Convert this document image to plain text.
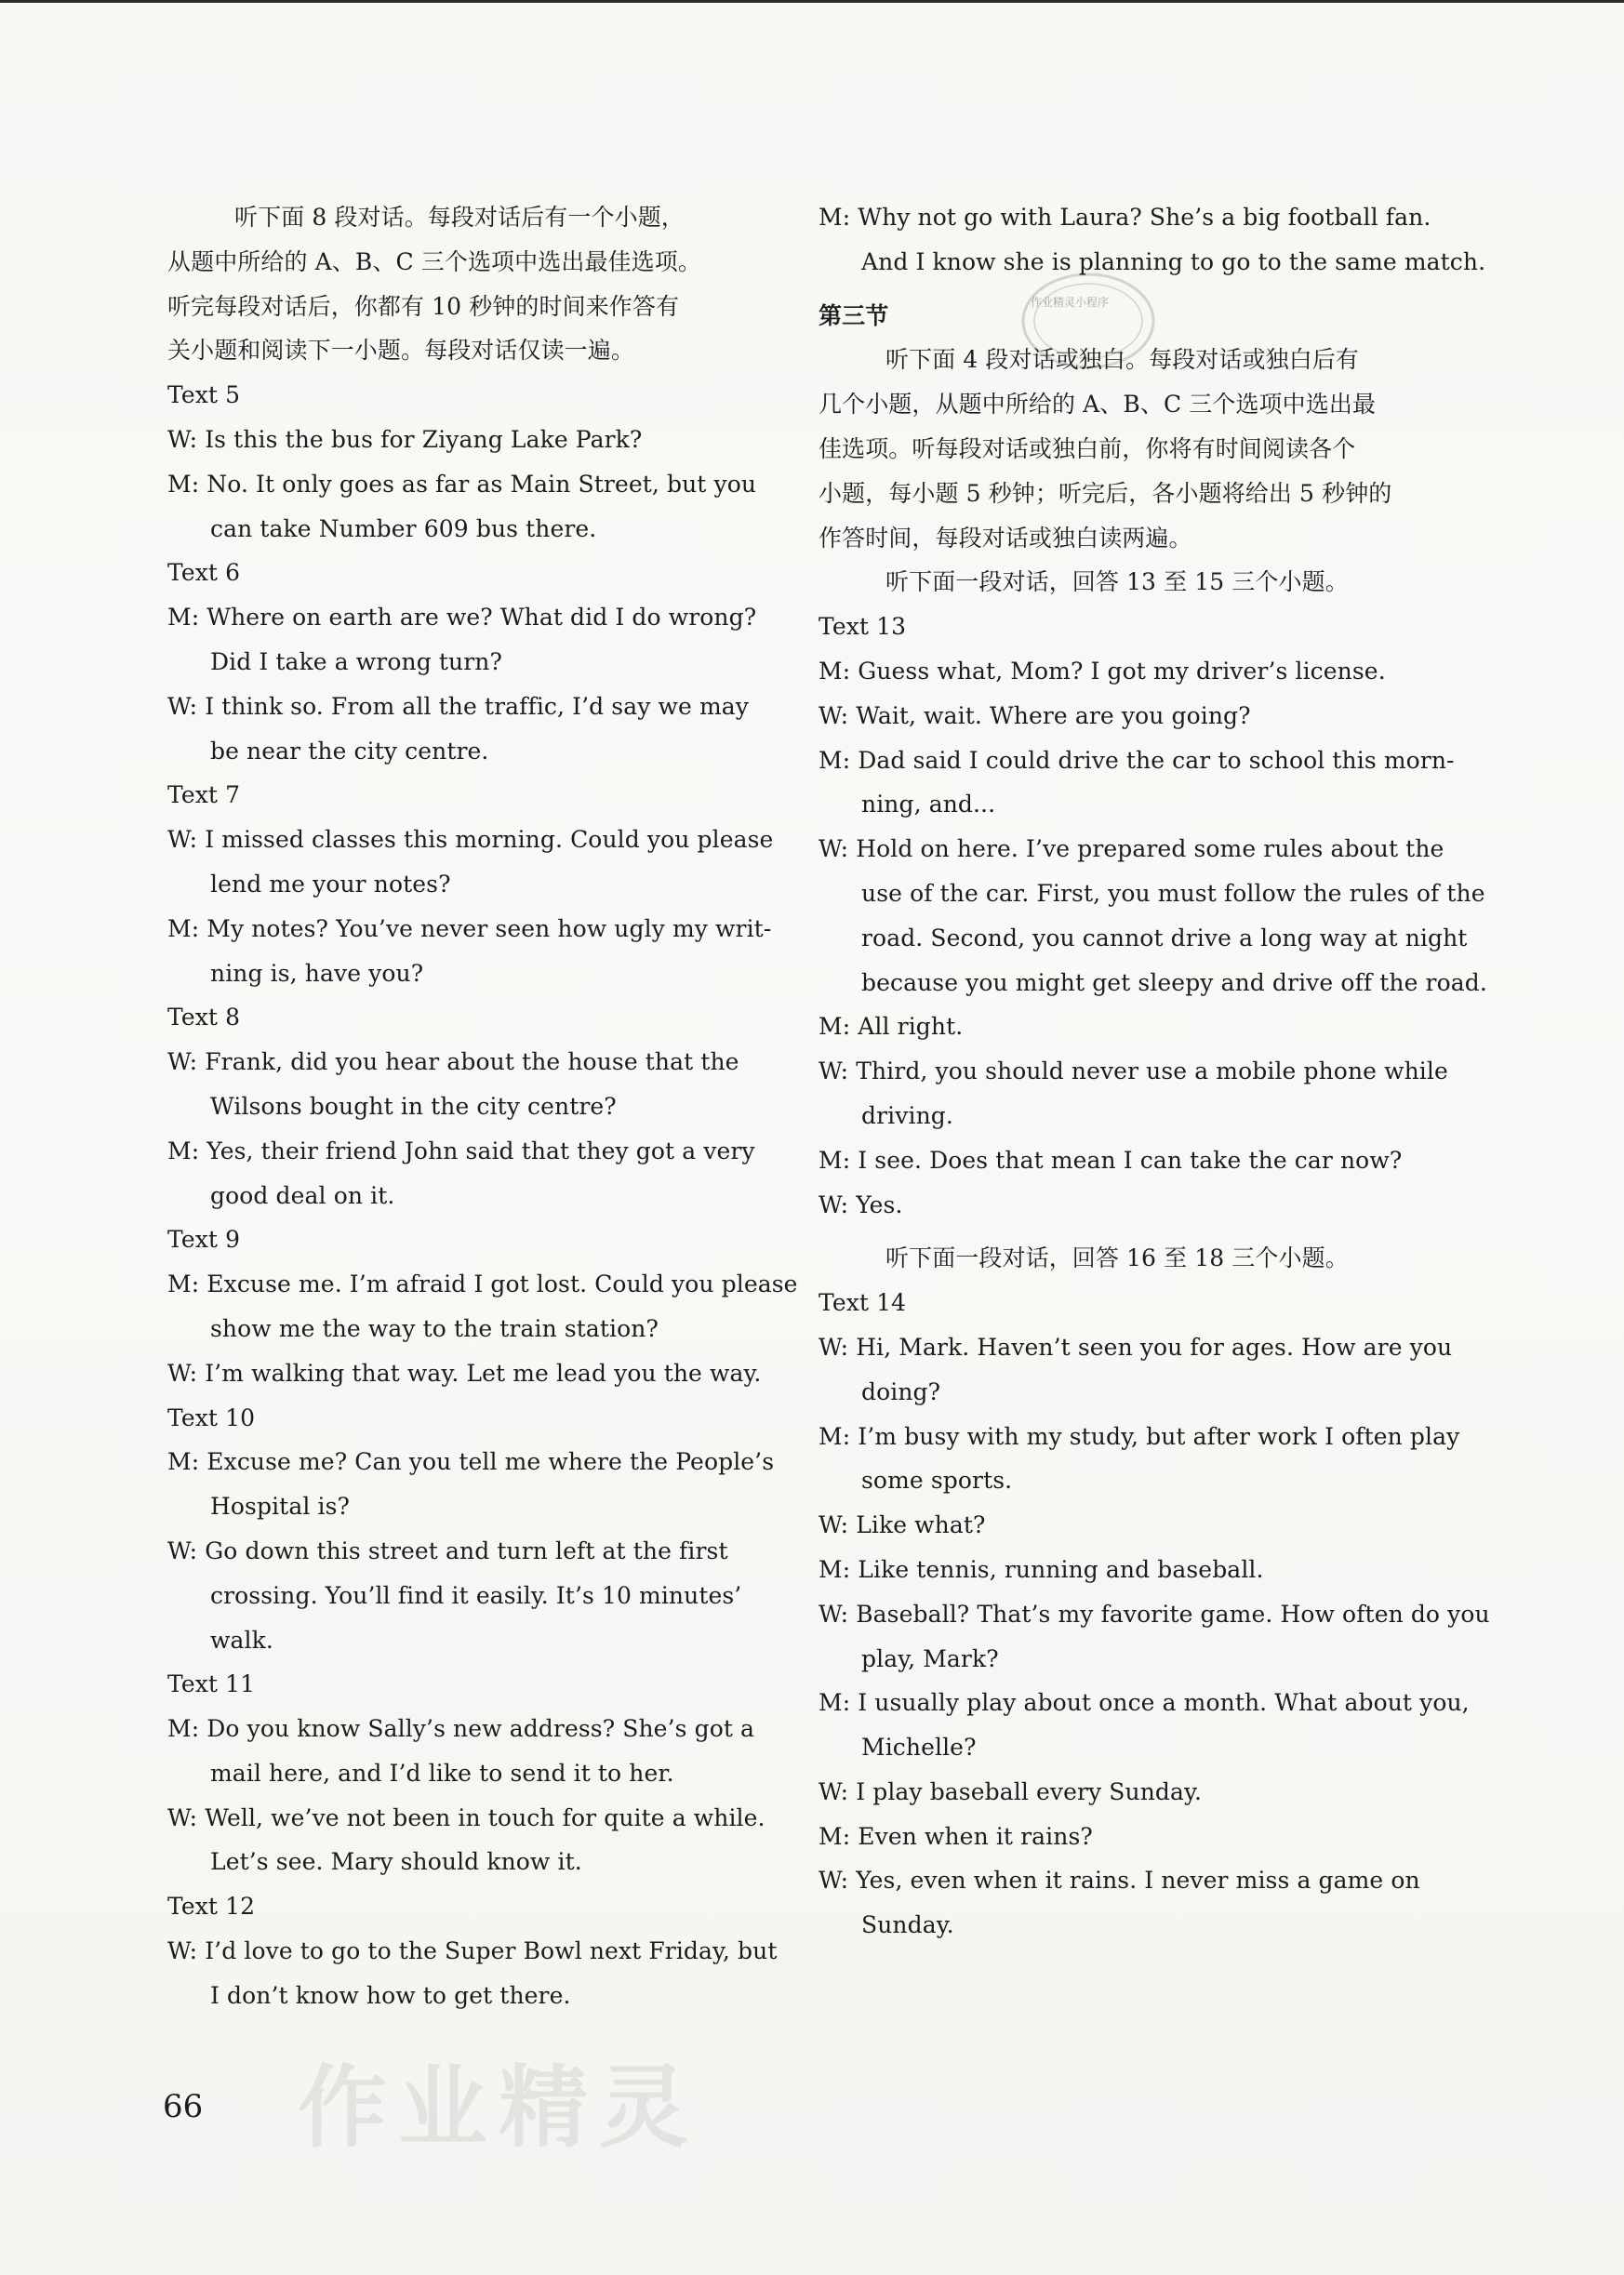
作业精灵小程序
听下面 8 段对话。每段对话后有一个小题，
从题中所给的 A、B、C 三个选项中选出最佳选项。
听完每段对话后，你都有 10 秒钟的时间来作答有
关小题和阅读下一小题。每段对话仅读一遍。
Text 5
W: Is this the bus for Ziyang Lake Park?
M: No. It only goes as far as Main Street, but you
can take Number 609 bus there.
Text 6
M: Where on earth are we? What did I do wrong?
Did I take a wrong turn?
W: I think so. From all the traffic, I’d say we may
be near the city centre.
Text 7
W: I missed classes this morning. Could you please
lend me your notes?
M: My notes? You’ve never seen how ugly my writ-
ning is, have you?
Text 8
W: Frank, did you hear about the house that the
Wilsons bought in the city centre?
M: Yes, their friend John said that they got a very
good deal on it.
Text 9
M: Excuse me. I’m afraid I got lost. Could you please
show me the way to the train station?
W: I’m walking that way. Let me lead you the way.
Text 10
M: Excuse me? Can you tell me where the People’s
Hospital is?
W: Go down this street and turn left at the first
crossing. You’ll find it easily. It’s 10 minutes’
walk.
Text 11
M: Do you know Sally’s new address? She’s got a
mail here, and I’d like to send it to her.
W: Well, we’ve not been in touch for quite a while.
Let’s see. Mary should know it.
Text 12
W: I’d love to go to the Super Bowl next Friday, but
I don’t know how to get there.
M: Why not go with Laura? She’s a big football fan.
And I know she is planning to go to the same match.
第三节
听下面 4 段对话或独白。每段对话或独白后有
几个小题，从题中所给的 A、B、C 三个选项中选出最
佳选项。听每段对话或独白前，你将有时间阅读各个
小题，每小题 5 秒钟；听完后，各小题将给出 5 秒钟的
作答时间，每段对话或独白读两遍。
听下面一段对话，回答 13 至 15 三个小题。
Text 13
M: Guess what, Mom? I got my driver’s license.
W: Wait, wait. Where are you going?
M: Dad said I could drive the car to school this morn-
ning, and...
W: Hold on here. I’ve prepared some rules about the
use of the car. First, you must follow the rules of the
road. Second, you cannot drive a long way at night
because you might get sleepy and drive off the road.
M: All right.
W: Third, you should never use a mobile phone while
driving.
M: I see. Does that mean I can take the car now?
W: Yes.
听下面一段对话，回答 16 至 18 三个小题。
Text 14
W: Hi, Mark. Haven’t seen you for ages. How are you
doing?
M: I’m busy with my study, but after work I often play
some sports.
W: Like what?
M: Like tennis, running and baseball.
W: Baseball? That’s my favorite game. How often do you
play, Mark?
M: I usually play about once a month. What about you,
Michelle?
W: I play baseball every Sunday.
M: Even when it rains?
W: Yes, even when it rains. I never miss a game on
Sunday.
作业精灵
66
